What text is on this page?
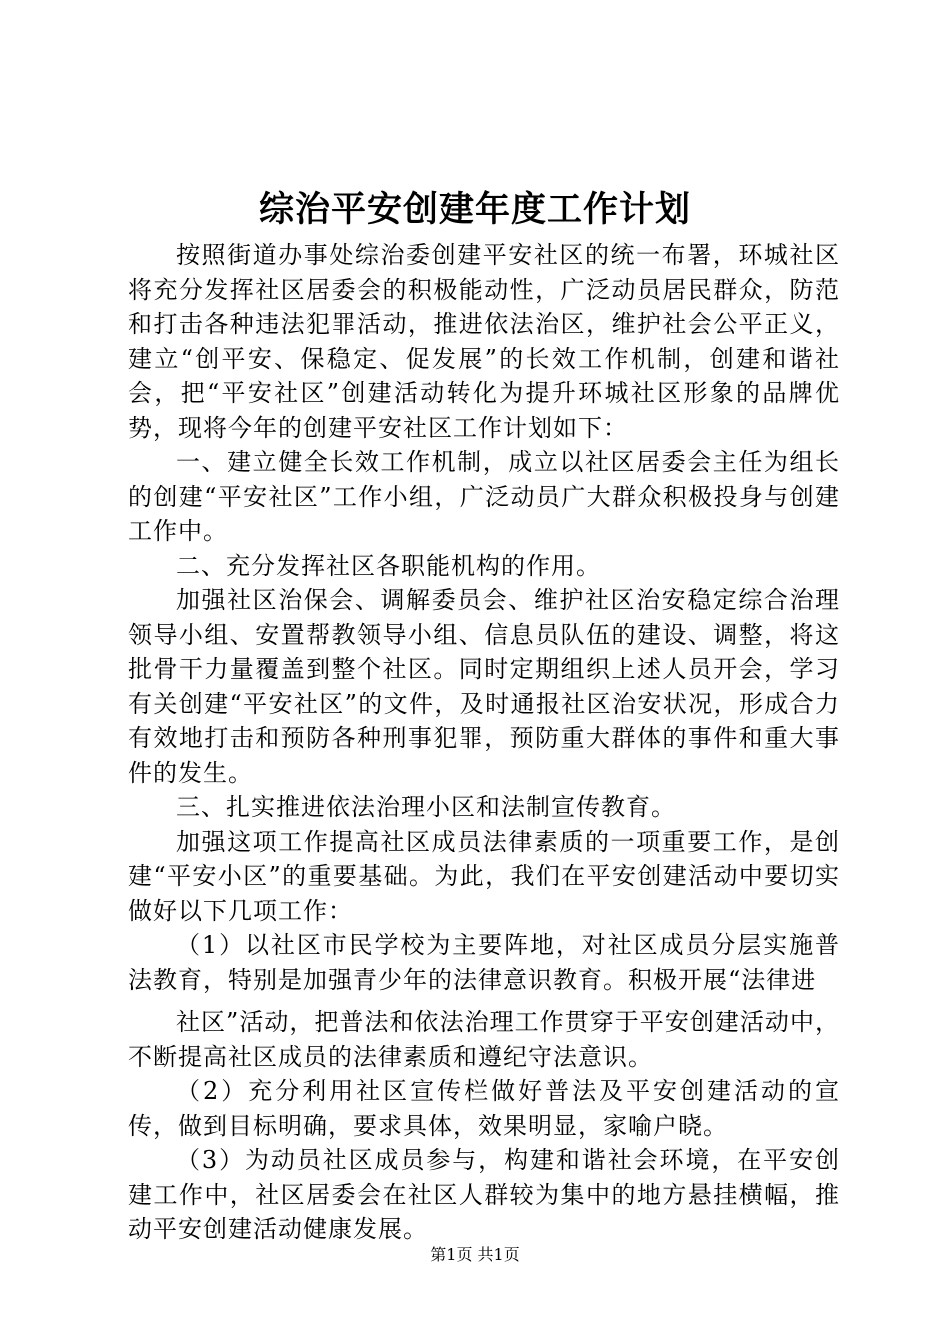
综治平安创建年度工作计划

按照街道办事处综治委创建平安社区的统一布署，环城社区将充分发挥社区居委会的积极能动性，广泛动员居民群众，防范和打击各种违法犯罪活动，推进依法治区，维护社会公平正义，建立“创平安、保稳定、促发展”的长效工作机制，创建和谐社会，把“平安社区”创建活动转化为提升环城社区形象的品牌优势，现将今年的创建平安社区工作计划如下：

一、建立健全长效工作机制，成立以社区居委会主任为组长的创建“平安社区”工作小组，广泛动员广大群众积极投身与创建工作中。

二、充分发挥社区各职能机构的作用。

加强社区治保会、调解委员会、维护社区治安稳定综合治理领导小组、安置帮教领导小组、信息员队伍的建设、调整，将这批骨干力量覆盖到整个社区。同时定期组织上述人员开会，学习有关创建“平安社区”的文件，及时通报社区治安状况，形成合力有效地打击和预防各种刑事犯罪，预防重大群体的事件和重大事件的发生。

三、扎实推进依法治理小区和法制宣传教育。

加强这项工作提高社区成员法律素质的一项重要工作，是创建“平安小区”的重要基础。为此，我们在平安创建活动中要切实做好以下几项工作：

（1）以社区市民学校为主要阵地，对社区成员分层实施普法教育，特别是加强青少年的法律意识教育。积极开展“法律进

社区”活动，把普法和依法治理工作贯穿于平安创建活动中，不断提高社区成员的法律素质和遵纪守法意识。

（2）充分利用社区宣传栏做好普法及平安创建活动的宣传，做到目标明确，要求具体，效果明显，家喻户晓。

（3）为动员社区成员参与，构建和谐社会环境，在平安创建工作中，社区居委会在社区人群较为集中的地方悬挂横幅，推动平安创建活动健康发展。

第1页 共1页
